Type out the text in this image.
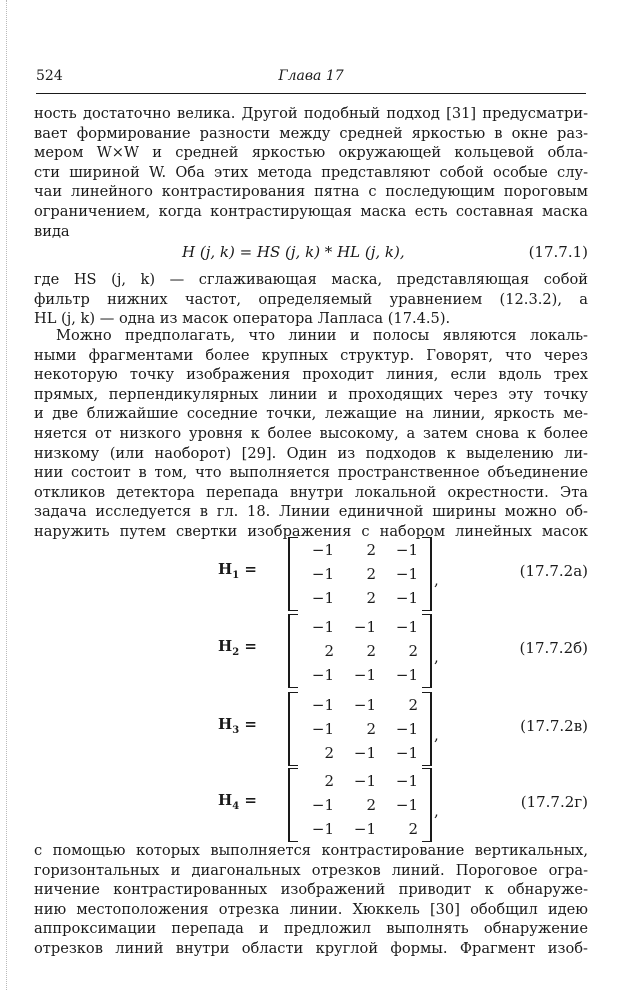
524	Глава 17
ность достаточно велика. Другой подобный подход [31] предусматри-
вает формирование разности между средней яркостью в окне раз-
мером W×W и средней яркостью окружающей кольцевой обла-
сти шириной W. Оба этих метода представляют собой особые слу-
чаи линейного контрастирования пятна с последующим пороговым
ограничением, когда контрастирующая маска есть составная маска
вида
H (j, k) = HS (j, k) * HL (j, k),	(17.7.1)
где HS (j, k) — сглаживающая маска, представляющая собой
фильтр нижних частот, определяемый уравнением (12.3.2), а
HL (j, k) — одна из масок оператора Лапласа (17.4.5).
Можно предполагать, что линии и полосы являются локаль-
ными фрагментами более крупных структур. Говорят, что через
некоторую точку изображения проходит линия, если вдоль трех
прямых, перпендикулярных линии и проходящих через эту точку
и две ближайшие соседние точки, лежащие на линии, яркость ме-
няется от низкого уровня к более высокому, а затем снова к более
низкому (или наоборот) [29]. Один из подходов к выделению ли-
нии состоит в том, что выполняется пространственное объединение
откликов детектора перепада внутри локальной окрестности. Эта
задача исследуется в гл. 18. Линии единичной ширины можно об-
наружить путем свертки изображения с набором линейных масок
$H_1$ =
−1	2	−1
−1	2	−1
−1	2	−1
,	(17.7.2а)
$H_2$ =
−1	−1	−1
2	2	2
−1	−1	−1
,	(17.7.2б)
$H_3$ =
−1	−1	2
−1	2	−1
2	−1	−1
,	(17.7.2в)
$H_4$ =
2	−1	−1
−1	2	−1
−1	−1	2
,	(17.7.2г)
с помощью которых выполняется контрастирование вертикальных,
горизонтальных и диагональных отрезков линий. Пороговое огра-
ничение контрастированных изображений приводит к обнаруже-
нию местоположения отрезка линии. Хюккель [30] обобщил идею
аппроксимации перепада и предложил выполнять обнаружение
отрезков линий внутри области круглой формы. Фрагмент изоб-
